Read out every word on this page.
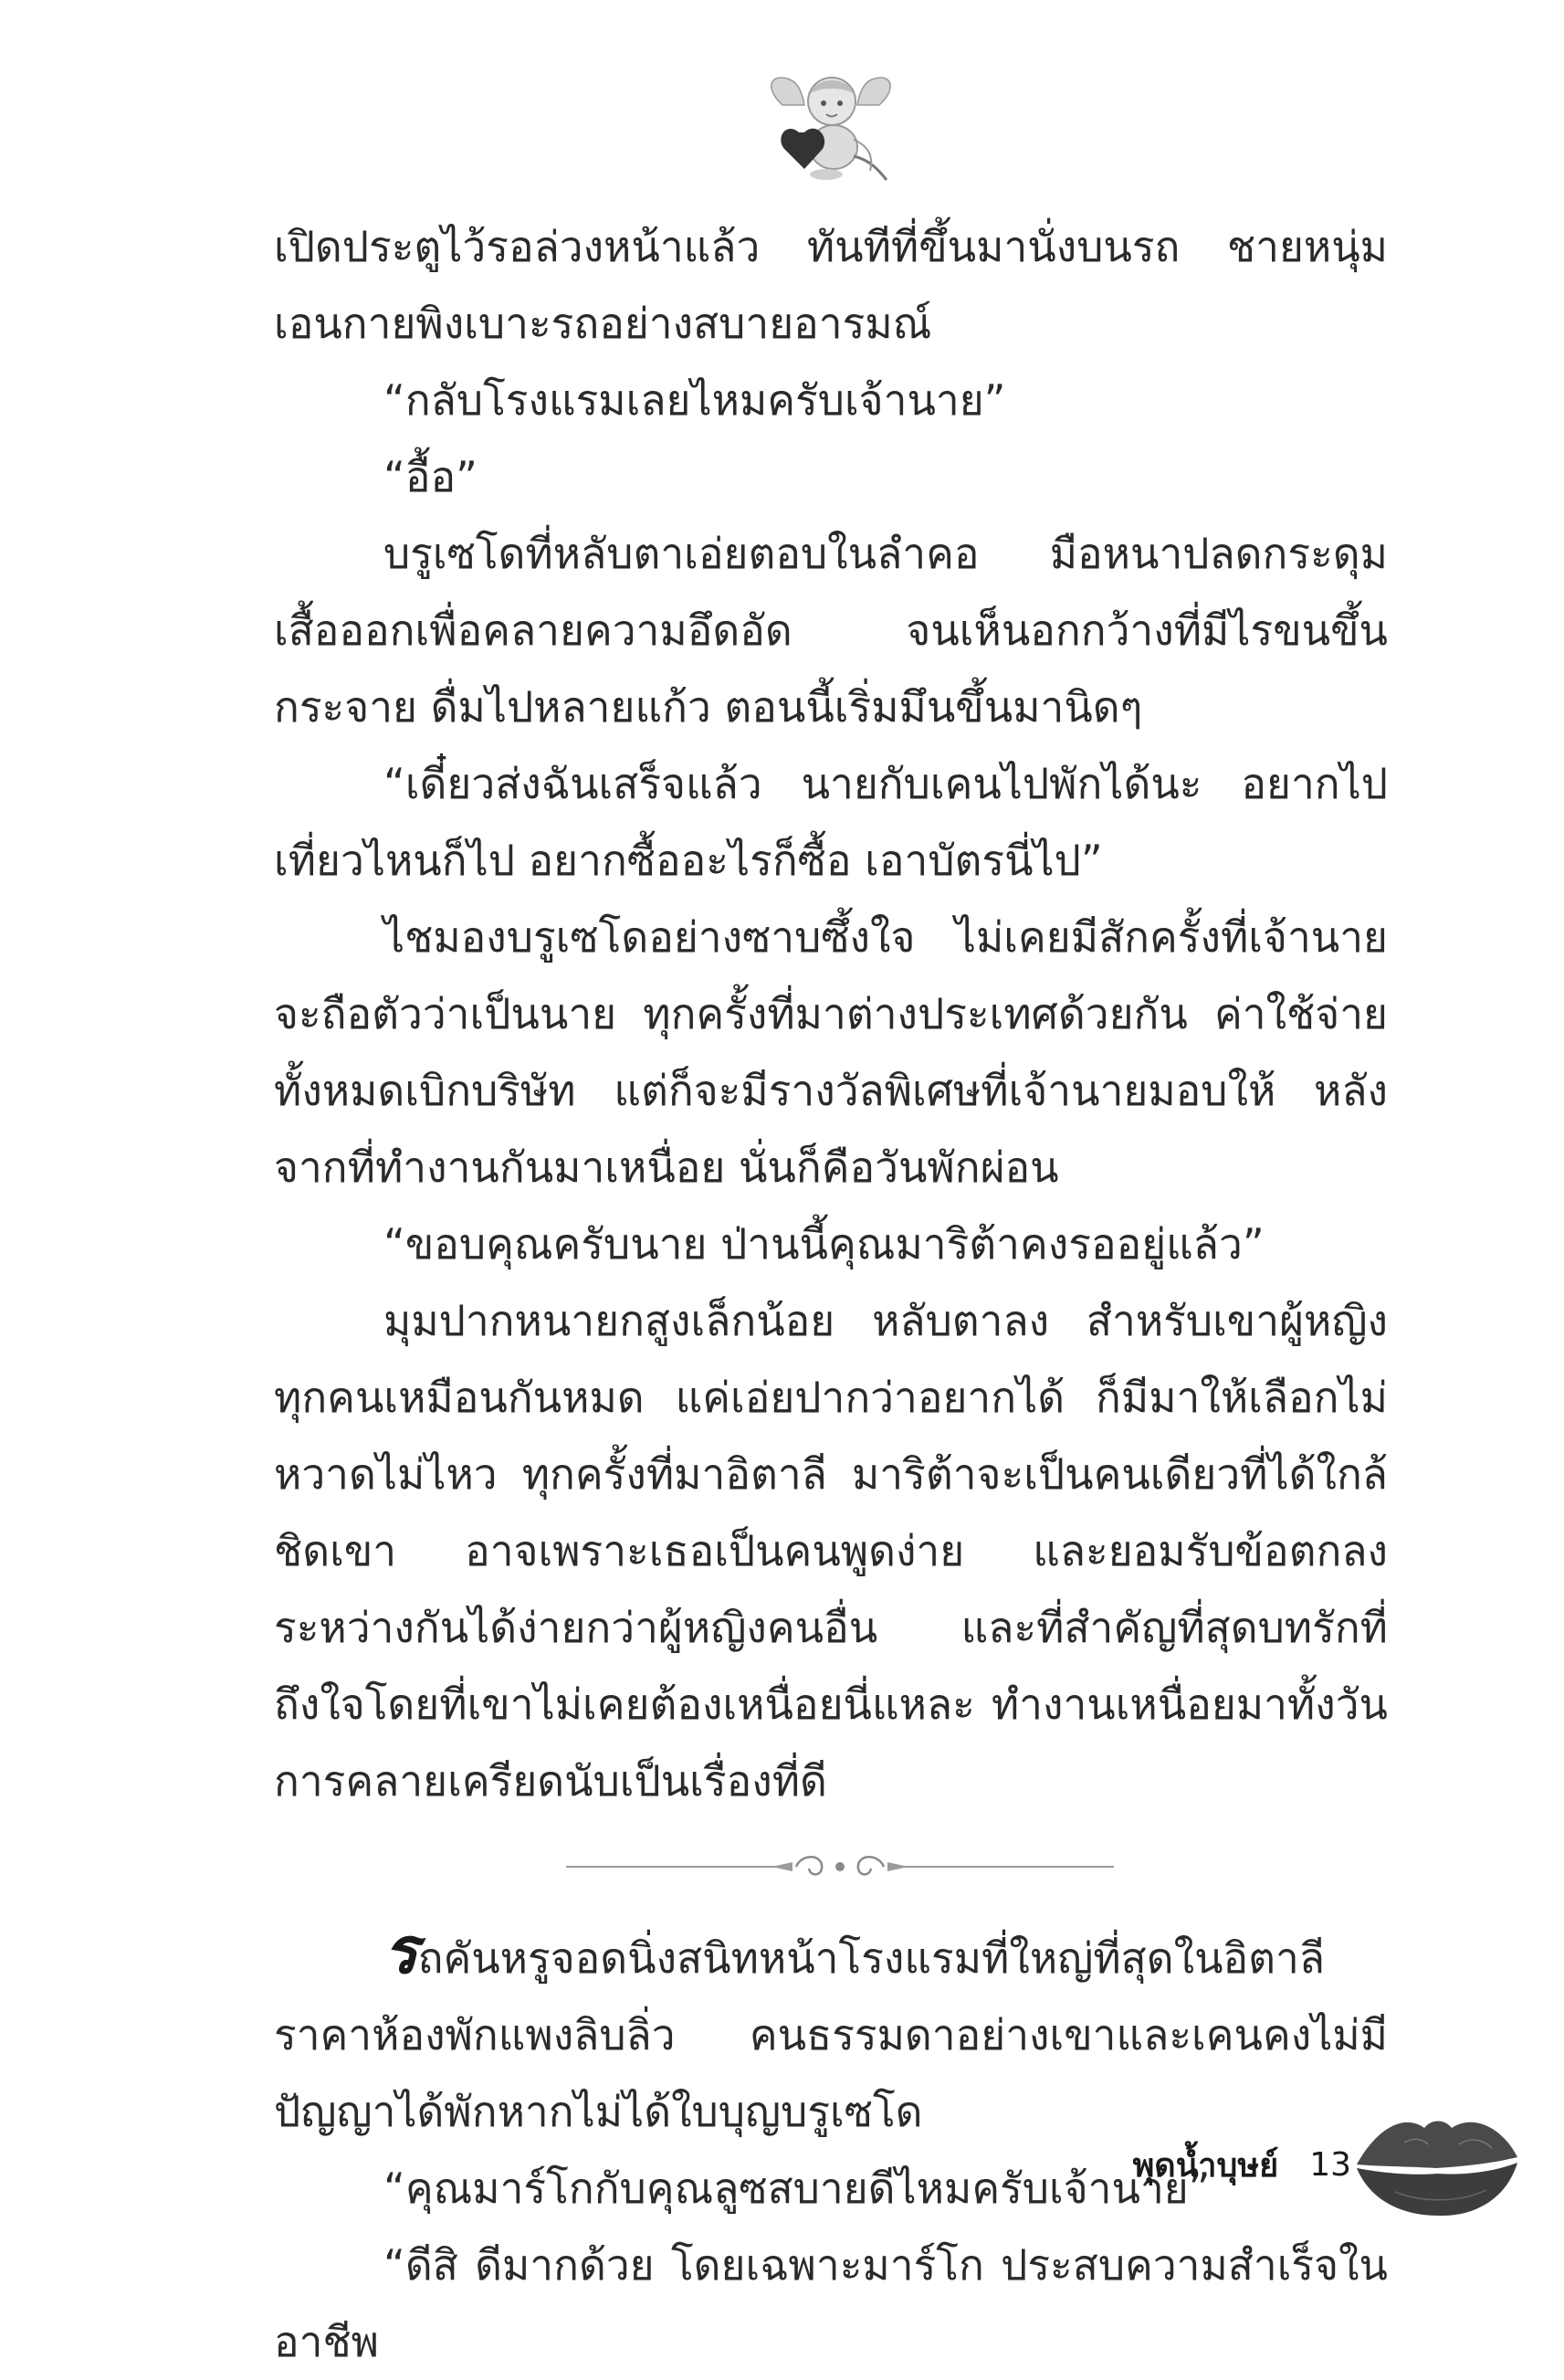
เปิดประตูไว้รอล่วงหน้าแล้ว ทันทีที่ขึ้นมานั่งบนรถ ชายหนุ่มเอนกายพิงเบาะรถอย่างสบายอารมณ์

“กลับโรงแรมเลยไหมครับเจ้านาย”

“อื้อ”

บรูเซโดที่หลับตาเอ่ยตอบในลำคอ มือหนาปลดกระดุมเสื้อออกเพื่อคลายความอึดอัด จนเห็นอกกว้างที่มีไรขนขึ้นกระจาย ดื่มไปหลายแก้ว ตอนนี้เริ่มมึนขึ้นมานิดๆ

“เดี๋ยวส่งฉันเสร็จแล้ว นายกับเคนไปพักได้นะ อยากไปเที่ยวไหนก็ไป อยากซื้ออะไรก็ซื้อ เอาบัตรนี่ไป”

ไชมองบรูเซโดอย่างซาบซึ้งใจ ไม่เคยมีสักครั้งที่เจ้านายจะถือตัวว่าเป็นนาย ทุกครั้งที่มาต่างประเทศด้วยกัน ค่าใช้จ่ายทั้งหมดเบิกบริษัท แต่ก็จะมีรางวัลพิเศษที่เจ้านายมอบให้ หลังจากที่ทำงานกันมาเหนื่อย นั่นก็คือวันพักผ่อน

“ขอบคุณครับนาย ป่านนี้คุณมาริต้าคงรออยู่แล้ว”

มุมปากหนายกสูงเล็กน้อย หลับตาลง สำหรับเขาผู้หญิงทุกคนเหมือนกันหมด แค่เอ่ยปากว่าอยากได้ ก็มีมาให้เลือกไม่หวาดไม่ไหว ทุกครั้งที่มาอิตาลี มาริต้าจะเป็นคนเดียวที่ได้ใกล้ชิดเขา อาจเพราะเธอเป็นคนพูดง่าย และยอมรับข้อตกลงระหว่างกันได้ง่ายกว่าผู้หญิงคนอื่น และที่สำคัญที่สุดบทรักที่ถึงใจโดยที่เขาไม่เคยต้องเหนื่อยนี่แหละ ทำงานเหนื่อยมาทั้งวัน การคลายเครียดนับเป็นเรื่องที่ดี

รถคันหรูจอดนิ่งสนิทหน้าโรงแรมที่ใหญ่ที่สุดในอิตาลี ราคาห้องพักแพงลิบลิ่ว คนธรรมดาอย่างเขาและเคนคงไม่มีปัญญาได้พักหากไม่ได้ใบบุญบรูเซโด

“คุณมาร์โกกับคุณลูซสบายดีไหมครับเจ้านาย”

“ดีสิ ดีมากด้วย โดยเฉพาะมาร์โก ประสบความสำเร็จในอาชีพ

พุดน้ำบุษย์ 13
